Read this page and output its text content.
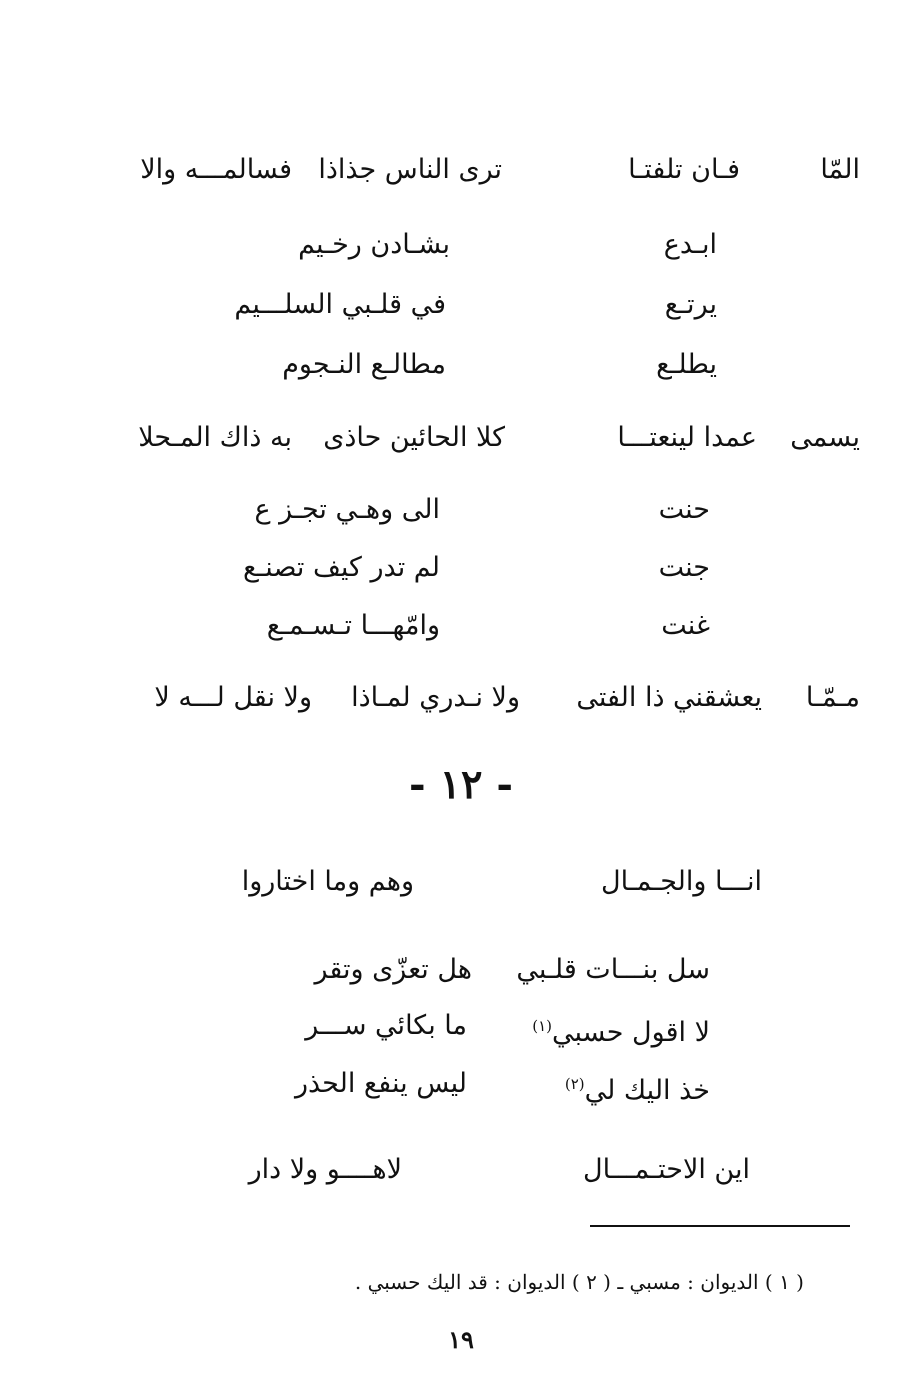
المّا
فـان تلفتـا
ترى الناس جذاذا
فسالمـــه والا
ابـدع
بشـادن رخـيم
يرتـع
في قلـبي السلـــيم
يطلـع
مطالـع النـجوم
يسمى
عمدا لينعتـــا
كلا الحائين حاذى
به ذاك المـحلا
حنت
الى وهـي تجـز ع
جنت
لم تدر كيف تصنـع
غنت
وامّهـــا تـسـمـع
مـمّـا
يعشقني ذا الفتى
ولا نـدري لمـاذا
ولا نقل لـــه لا
- ١٢ -
انـــا والجـمـال
وهم وما اختاروا
سل بنـــات قلـبي
هل تعزّى وتقر
لا اقول حسبي$^{(١)}$
ما بكائي ســـر
خذ اليك لي$^{(٢)}$
ليس ينفع الحذر
اين الاحتـمـــال
لاهــــو ولا دار
( ١ ) الديوان : مسبي ـ ( ٢ ) الديوان : قد اليك حسبي .
١٩
